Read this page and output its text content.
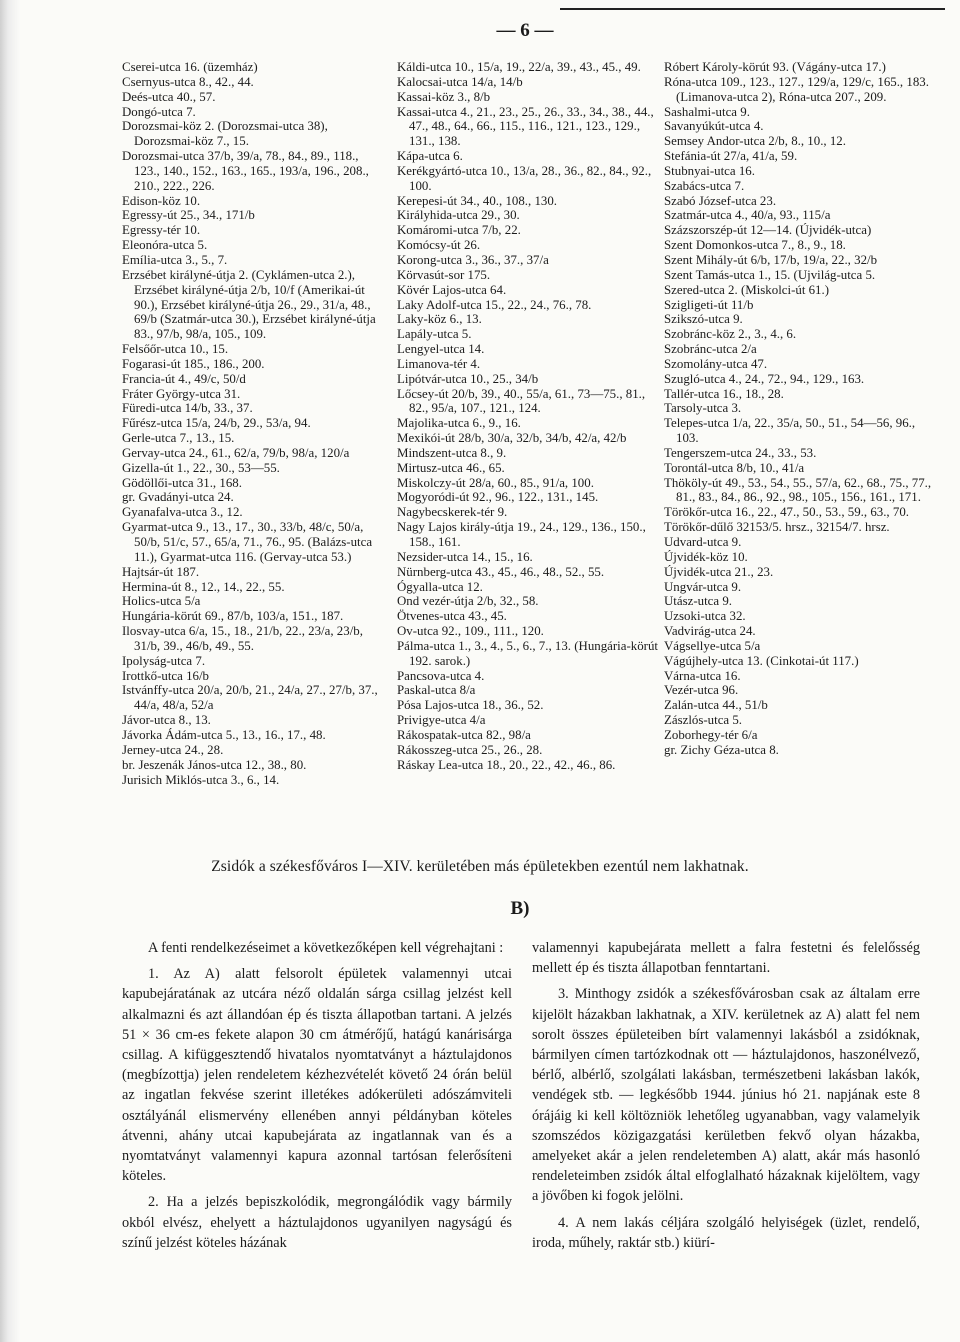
— 6 —
Cserei-utca 16. (üzemház)
Csernyus-utca 8., 42., 44.
Deés-utca 40., 57.
Dongó-utca 7.
Dorozsmai-köz 2. (Dorozsmai-utca 38), Dorozsmai-köz 7., 15.
Dorozsmai-utca 37/b, 39/a, 78., 84., 89., 118., 123., 140., 152., 163., 165., 193/a, 196., 208., 210., 222., 226.
Edison-köz 10.
Egressy-út 25., 34., 171/b
Egressy-tér 10.
Eleonóra-utca 5.
Emília-utca 3., 5., 7.
Erzsébet királyné-útja 2. (Cyklámen-utca 2.), Erzsébet királyné-útja 2/b, 10/f (Amerikai-út 90.), Erzsébet királyné-útja 26., 29., 31/a, 48., 69/b (Szatmár-utca 30.), Erzsébet királyné-útja 83., 97/b, 98/a, 105., 109.
Felsőőr-utca 10., 15.
Fogarasi-út 185., 186., 200.
Francia-út 4., 49/c, 50/d
Fráter György-utca 31.
Füredi-utca 14/b, 33., 37.
Fűrész-utca 15/a, 24/b, 29., 53/a, 94.
Gerle-utca 7., 13., 15.
Gervay-utca 24., 61., 62/a, 79/b, 98/a, 120/a
Gizella-út 1., 22., 30., 53—55.
Gödöllői-utca 31., 168.
gr. Gvadányi-utca 24.
Gyanafalva-utca 3., 12.
Gyarmat-utca 9., 13., 17., 30., 33/b, 48/c, 50/a, 50/b, 51/c, 57., 65/a, 71., 76., 95. (Balázs-utca 11.), Gyarmat-utca 116. (Gervay-utca 53.)
Hajtsár-út 187.
Hermina-út 8., 12., 14., 22., 55.
Holics-utca 5/a
Hungária-körút 69., 87/b, 103/a, 151., 187.
Ilosvay-utca 6/a, 15., 18., 21/b, 22., 23/a, 23/b, 31/b, 39., 46/b, 49., 55.
Ipolyság-utca 7.
Irottkő-utca 16/b
Istvánffy-utca 20/a, 20/b, 21., 24/a, 27., 27/b, 37., 44/a, 48/a, 52/a
Jávor-utca 8., 13.
Jávorka Ádám-utca 5., 13., 16., 17., 48.
Jerney-utca 24., 28.
br. Jeszenák János-utca 12., 38., 80.
Jurisich Miklós-utca 3., 6., 14.
Káldi-utca 10., 15/a, 19., 22/a, 39., 43., 45., 49.
Kalocsai-utca 14/a, 14/b
Kassai-köz 3., 8/b
Kassai-utca 4., 21., 23., 25., 26., 33., 34., 38., 44., 47., 48., 64., 66., 115., 116., 121., 123., 129., 131., 138.
Kápa-utca 6.
Kerékgyártó-utca 10., 13/a, 28., 36., 82., 84., 92., 100.
Kerepesi-út 34., 40., 108., 130.
Királyhida-utca 29., 30.
Komáromi-utca 7/b, 22.
Komócsy-út 26.
Korong-utca 3., 36., 37., 37/a
Körvasút-sor 175.
Kövér Lajos-utca 64.
Laky Adolf-utca 15., 22., 24., 76., 78.
Laky-köz 6., 13.
Lapály-utca 5.
Lengyel-utca 14.
Limanova-tér 4.
Lipótvár-utca 10., 25., 34/b
Lőcsey-út 20/b, 39., 40., 55/a, 61., 73—75., 81., 82., 95/a, 107., 121., 124.
Majolika-utca 6., 9., 16.
Mexikói-út 28/b, 30/a, 32/b, 34/b, 42/a, 42/b
Mindszent-utca 8., 9.
Mirtusz-utca 46., 65.
Miskolczy-út 28/a, 60., 85., 91/a, 100.
Mogyoródi-út 92., 96., 122., 131., 145.
Nagybecskerek-tér 9.
Nagy Lajos király-útja 19., 24., 129., 136., 150., 158., 161.
Nezsider-utca 14., 15., 16.
Nürnberg-utca 43., 45., 46., 48., 52., 55.
Ógyalla-utca 12.
Ond vezér-útja 2/b, 32., 58.
Ötvenes-utca 43., 45.
Ov-utca 92., 109., 111., 120.
Pálma-utca 1., 3., 4., 5., 6., 7., 13. (Hungária-körút 192. sarok.)
Pancsova-utca 4.
Paskal-utca 8/a
Pósa Lajos-utca 18., 36., 52.
Privigye-utca 4/a
Rákospatak-utca 82., 98/a
Rákosszeg-utca 25., 26., 28.
Ráskay Lea-utca 18., 20., 22., 42., 46., 86.
Róbert Károly-körút 93. (Vágány-utca 17.)
Róna-utca 109., 123., 127., 129/a, 129/c, 165., 183. (Limanova-utca 2), Róna-utca 207., 209.
Sashalmi-utca 9.
Savanyúkút-utca 4.
Semsey Andor-utca 2/b, 8., 10., 12.
Stefánia-út 27/a, 41/a, 59.
Stubnyai-utca 16.
Szabács-utca 7.
Szabó József-utca 23.
Szatmár-utca 4., 40/a, 93., 115/a
Százszorszép-út 12—14. (Újvidék-utca)
Szent Domonkos-utca 7., 8., 9., 18.
Szent Mihály-út 6/b, 17/b, 19/a, 22., 32/b
Szent Tamás-utca 1., 15. (Ujvilág-utca 5.
Szered-utca 2. (Miskolci-út 61.)
Szigligeti-út 11/b
Szikszó-utca 9.
Szobránc-köz 2., 3., 4., 6.
Szobránc-utca 2/a
Szomolány-utca 47.
Szugló-utca 4., 24., 72., 94., 129., 163.
Tallér-utca 16., 18., 28.
Tarsoly-utca 3.
Telepes-utca 1/a, 22., 35/a, 50., 51., 54—56, 96., 103.
Tengerszem-utca 24., 33., 53.
Torontál-utca 8/b, 10., 41/a
Thököly-út 49., 53., 54., 55., 57/a, 62., 68., 75., 77., 81., 83., 84., 86., 92., 98., 105., 156., 161., 171.
Törökőr-utca 16., 22., 47., 50., 53., 59., 63., 70.
Törökőr-dűlő 32153/5. hrsz., 32154/7. hrsz.
Udvard-utca 9.
Újvidék-köz 10.
Újvidék-utca 21., 23.
Ungvár-utca 9.
Utász-utca 9.
Uzsoki-utca 32.
Vadvirág-utca 24.
Vágsellye-utca 5/a
Vágújhely-utca 13. (Cinkotai-út 117.)
Várna-utca 16.
Vezér-utca 96.
Zalán-utca 44., 51/b
Zászlós-utca 5.
Zoborhegy-tér 6/a
gr. Zichy Géza-utca 8.
Zsidók a székesfőváros I—XIV. kerületében más épületekben ezentúl nem lakhatnak.
B)

A fenti rendelkezéseimet a következőképen kell végrehajtani :

1. Az A) alatt felsorolt épületek valamennyi utcai kapubejáratának az utcára néző oldalán sárga csillag jelzést kell alkalmazni és azt állandóan ép és tiszta állapotban tartani. A jelzés 51 × 36 cm-es fekete alapon 30 cm átmérőjű, hatágú kanárisárga csillag. A kifüggesztendő hivatalos nyomtatványt a háztulajdonos (megbízottja) jelen rendeletem kézhezvételét követő 24 órán belül az ingatlan fekvése szerint illetékes adókerületi adószámviteli osztályánál elismervény ellenében annyi példányban köteles átvenni, ahány utcai kapubejárata az ingatlannak van és a nyomtatványt valamennyi kapura azonnal tartósan felerősíteni köteles.

2. Ha a jelzés bepiszkolódik, megrongálódik vagy bármily okból elvész, ehelyett a háztulajdonos ugyanilyen nagyságú és színű jelzést köteles házának

valamennyi kapubejárata mellett a falra festetni és felelősség mellett ép és tiszta állapotban fenntartani.

3. Minthogy zsidók a székesfővárosban csak az általam erre kijelölt házakban lakhatnak, a XIV. kerületnek az A) alatt fel nem sorolt összes épületeiben bírt valamennyi lakásból a zsidóknak, bármilyen címen tartózkodnak ott — háztulajdonos, haszonélvező, bérlő, albérlő, szolgálati lakásban, természetbeni lakásban lakók, vendégek stb. — legkésőbb 1944. június hó 21. napjának este 8 órájáig ki kell költözniök lehetőleg ugyanabban, vagy valamelyik szomszédos közigazgatási kerületben fekvő olyan házakba, amelyeket akár a jelen rendeletemben A) alatt, akár más hasonló rendeleteimben zsidók által elfoglalható házaknak kijelöltem, vagy a jövőben ki fogok jelölni.

4. A nem lakás céljára szolgáló helyiségek (üzlet, rendelő, iroda, műhely, raktár stb.) kiürí-
